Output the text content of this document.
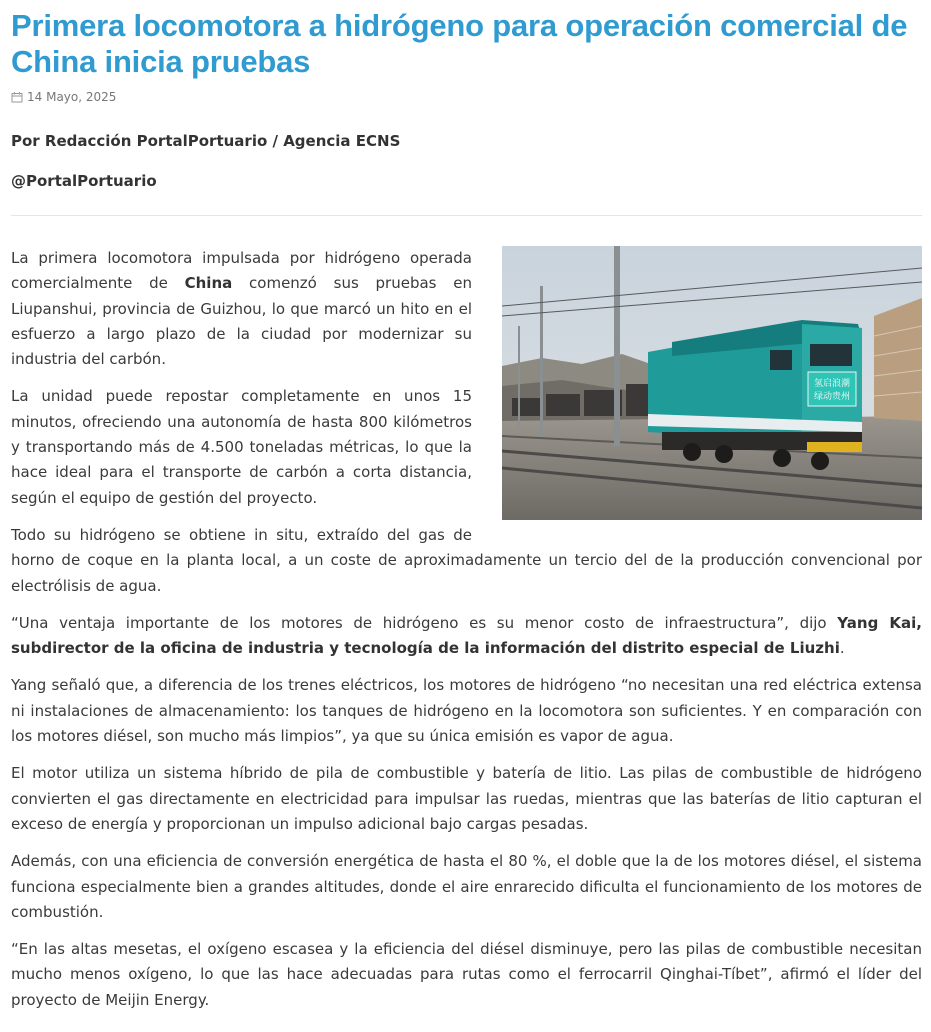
Primera locomotora a hidrógeno para operación comercial de China inicia pruebas
14 Mayo, 2025
Por Redacción PortalPortuario / Agencia ECNS
@PortalPortuario
氢启浪潮
绿动贵州

La primera locomotora impulsada por hidrógeno operada comercialmente de China comenzó sus pruebas en Liupanshui, provincia de Guizhou, lo que marcó un hito en el esfuerzo a largo plazo de la ciudad por modernizar su industria del carbón.

La unidad puede repostar completamente en unos 15 minutos, ofreciendo una autonomía de hasta 800 kilómetros y transportando más de 4.500 toneladas métricas, lo que la hace ideal para el transporte de carbón a corta distancia, según el equipo de gestión del proyecto.

Todo su hidrógeno se obtiene in situ, extraído del gas de horno de coque en la planta local, a un coste de aproximadamente un tercio del de la producción convencional por electrólisis de agua.

“Una ventaja importante de los motores de hidrógeno es su menor costo de infraestructura”, dijo Yang Kai, subdirector de la oficina de industria y tecnología de la información del distrito especial de Liuzhi.

Yang señaló que, a diferencia de los trenes eléctricos, los motores de hidrógeno “no necesitan una red eléctrica extensa ni instalaciones de almacenamiento: los tanques de hidrógeno en la locomotora son suficientes. Y en comparación con los motores diésel, son mucho más limpios”, ya que su única emisión es vapor de agua.

El motor utiliza un sistema híbrido de pila de combustible y batería de litio. Las pilas de combustible de hidrógeno convierten el gas directamente en electricidad para impulsar las ruedas, mientras que las baterías de litio capturan el exceso de energía y proporcionan un impulso adicional bajo cargas pesadas.

Además, con una eficiencia de conversión energética de hasta el 80 %, el doble que la de los motores diésel, el sistema funciona especialmente bien a grandes altitudes, donde el aire enrarecido dificulta el funcionamiento de los motores de combustión.

“En las altas mesetas, el oxígeno escasea y la eficiencia del diésel disminuye, pero las pilas de combustible necesitan mucho menos oxígeno, lo que las hace adecuadas para rutas como el ferrocarril Qinghai-Tíbet”, afirmó el líder del proyecto de Meijin Energy.
